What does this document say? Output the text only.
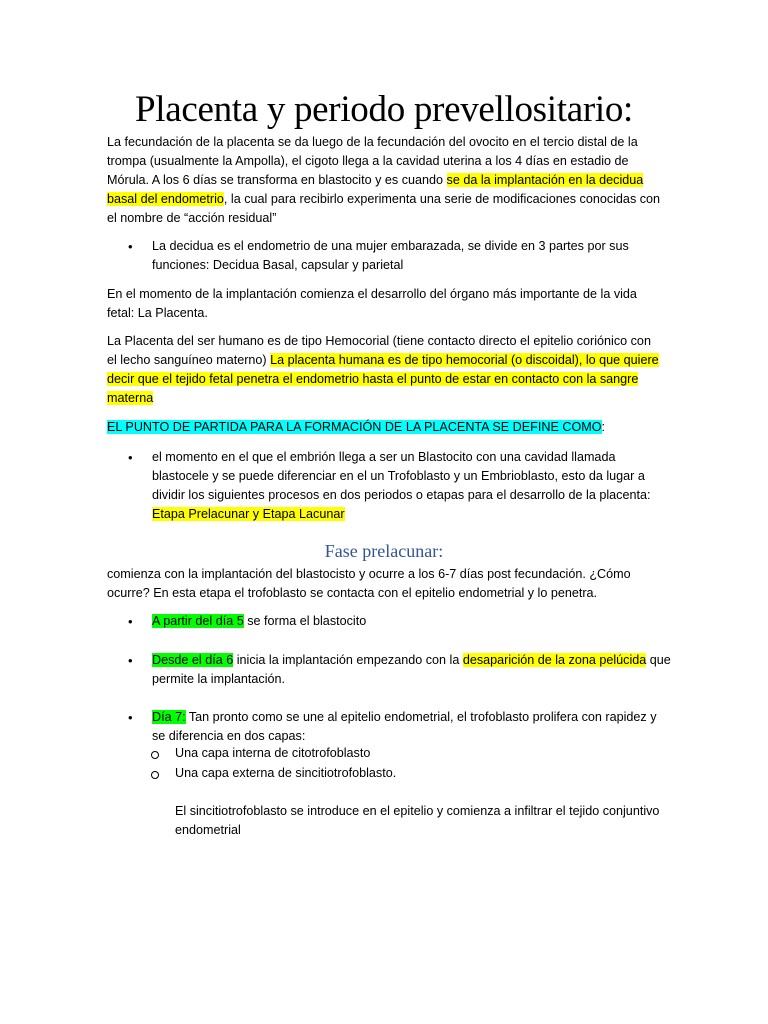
Placenta y periodo prevellositario:

La fecundación de la placenta se da luego de la fecundación del ovocito en el tercio distal de la trompa (usualmente la Ampolla), el cigoto llega a la cavidad uterina a los 4 días en estadio de Mórula. A los 6 días se transforma en blastocito y es cuando se da la implantación en la decidua basal del endometrio, la cual para recibirlo experimenta una serie de modificaciones conocidas con el nombre de “acción residual”

• La decidua es el endometrio de una mujer embarazada, se divide en 3 partes por sus funciones: Decidua Basal, capsular y parietal

En el momento de la implantación comienza el desarrollo del órgano más importante de la vida fetal: La Placenta.

La Placenta del ser humano es de tipo Hemocorial (tiene contacto directo el epitelio coriónico con el lecho sanguíneo materno) La placenta humana es de tipo hemocorial (o discoidal), lo que quiere decir que el tejido fetal penetra el endometrio hasta el punto de estar en contacto con la sangre materna

EL PUNTO DE PARTIDA PARA LA FORMACIÓN DE LA PLACENTA SE DEFINE COMO:

• el momento en el que el embrión llega a ser un Blastocito con una cavidad llamada blastocele y se puede diferenciar en el un Trofoblasto y un Embrioblasto, esto da lugar a dividir los siguientes procesos en dos periodos o etapas para el desarrollo de la placenta: Etapa Prelacunar y Etapa Lacunar

Fase prelacunar:

comienza con la implantación del blastocisto y ocurre a los 6-7 días post fecundación. ¿Cómo ocurre? En esta etapa el trofoblasto se contacta con el epitelio endometrial y lo penetra.

• A partir del día 5 se forma el blastocito

• Desde el día 6 inicia la implantación empezando con la desaparición de la zona pelúcida que permite la implantación.

• Día 7: Tan pronto como se une al epitelio endometrial, el trofoblasto prolifera con rapidez y se diferencia en dos capas:

Una capa interna de citotrofoblasto

Una capa externa de sincitiotrofoblasto.

El sincitiotrofoblasto se introduce en el epitelio y comienza a infiltrar el tejido conjuntivo endometrial
